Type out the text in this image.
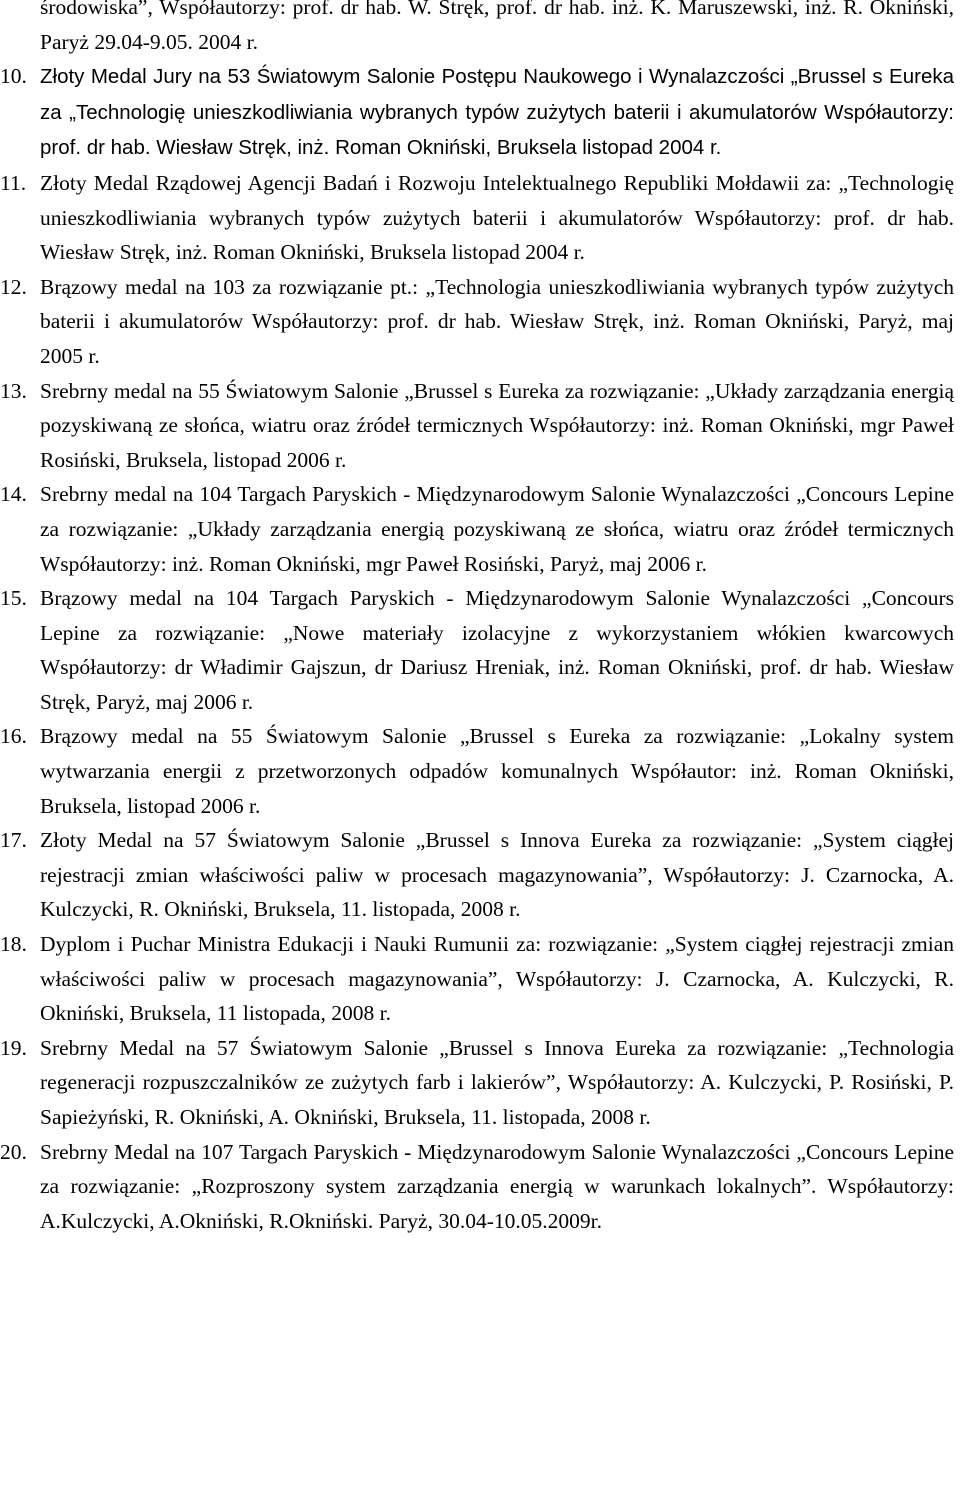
środowiska”, Współautorzy: prof. dr hab. W. Stręk, prof. dr hab. inż. K. Maruszewski, inż. R. Okniński, Paryż 29.04-9.05. 2004 r.
10. Złoty Medal Jury na 53 Światowym Salonie Postępu Naukowego i Wynalazczości „Brussel s Eureka za „Technologię unieszkodliwiania wybranych typów zużytych baterii i akumulatorów Współautorzy: prof. dr hab. Wiesław Stręk, inż. Roman Okniński, Bruksela listopad 2004 r.
11. Złoty Medal Rządowej Agencji Badań i Rozwoju Intelektualnego Republiki Mołdawii za: „Technologię unieszkodliwiania wybranych typów zużytych baterii i akumulatorów Współautorzy: prof. dr hab. Wiesław Stręk, inż. Roman Okniński, Bruksela listopad 2004 r.
12. Brązowy medal na 103 za rozwiązanie pt.: „Technologia unieszkodliwiania wybranych typów zużytych baterii i akumulatorów Współautorzy: prof. dr hab. Wiesław Stręk, inż. Roman Okniński, Paryż, maj 2005 r.
13. Srebrny medal na 55 Światowym Salonie „Brussel s Eureka za rozwiązanie: „Układy zarządzania energią pozyskiwaną ze słońca, wiatru oraz źródeł termicznych Współautorzy: inż. Roman Okniński, mgr Paweł Rosiński, Bruksela, listopad 2006 r.
14. Srebrny medal na 104 Targach Paryskich - Międzynarodowym Salonie Wynalazczości „Concours Lepine za rozwiązanie: „Układy zarządzania energią pozyskiwaną ze słońca, wiatru oraz źródeł termicznych Współautorzy: inż. Roman Okniński, mgr Paweł Rosiński, Paryż, maj 2006 r.
15. Brązowy medal na 104 Targach Paryskich - Międzynarodowym Salonie Wynalazczości „Concours Lepine za rozwiązanie: „Nowe materiały izolacyjne z wykorzystaniem włókien kwarcowych Współautorzy: dr Władimir Gajszun, dr Dariusz Hreniak, inż. Roman Okniński, prof. dr hab. Wiesław Stręk, Paryż, maj 2006 r.
16. Brązowy medal na 55 Światowym Salonie „Brussel s Eureka za rozwiązanie: „Lokalny system wytwarzania energii z przetworzonych odpadów komunalnych Współautor: inż. Roman Okniński, Bruksela, listopad 2006 r.
17. Złoty Medal na 57 Światowym Salonie „Brussel s Innova Eureka za rozwiązanie: „System ciągłej rejestracji zmian właściwości paliw w procesach magazynowania”, Współautorzy: J. Czarnocka, A. Kulczycki, R. Okniński, Bruksela, 11. listopada, 2008 r.
18. Dyplom i Puchar Ministra Edukacji i Nauki Rumunii za: rozwiązanie: „System ciągłej rejestracji zmian właściwości paliw w procesach magazynowania”, Współautorzy: J. Czarnocka, A. Kulczycki, R. Okniński, Bruksela, 11 listopada, 2008 r.
19. Srebrny Medal na 57 Światowym Salonie „Brussel s Innova Eureka za rozwiązanie: „Technologia regeneracji rozpuszczalników ze zużytych farb i lakierów”, Współautorzy: A. Kulczycki, P. Rosiński, P. Sapieżyński, R. Okniński, A. Okniński, Bruksela, 11. listopada, 2008 r.
20. Srebrny Medal na 107 Targach Paryskich - Międzynarodowym Salonie Wynalazczości „Concours Lepine za rozwiązanie: „Rozproszony system zarządzania energią w warunkach lokalnych”. Współautorzy: A.Kulczycki, A.Okniński, R.Okniński. Paryż, 30.04-10.05.2009r.
